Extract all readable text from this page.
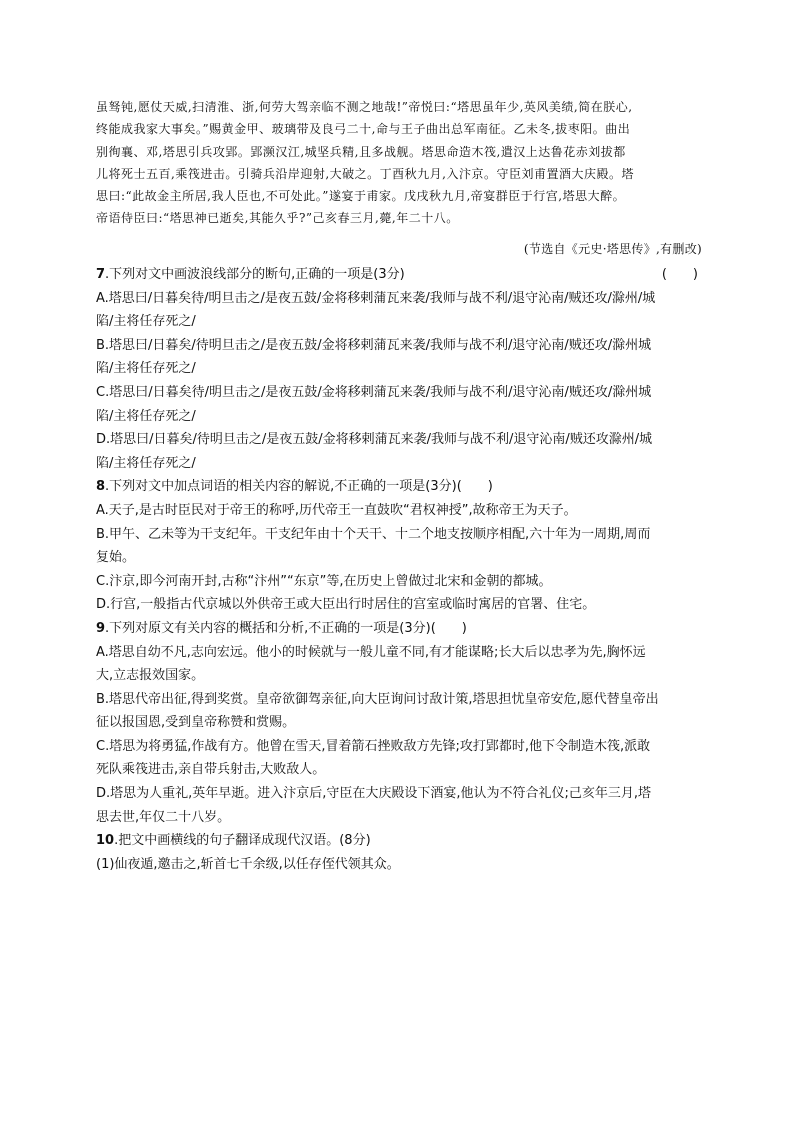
虽驽钝,愿仗天威,扫清淮、浙,何劳大驾亲临不测之地哉!”帝悦曰:“塔思虽年少,英风美绩,简在朕心,
终能成我家大事矣。”赐黄金甲、玻璃带及良弓二十,命与王子曲出总军南征。乙未冬,拔枣阳。曲出
别徇襄、邓,塔思引兵攻郢。郢濒汉江,城坚兵精,且多战舰。塔思命造木筏,遣汉上达鲁花赤刘拔都
儿将死士五百,乘筏进击。引骑兵沿岸迎射,大破之。丁酉秋九月,入汴京。守臣刘甫置酒大庆殿。塔
思曰:“此故金主所居,我人臣也,不可处此。”遂宴于甫家。戊戌秋九月,帝宴群臣于行宫,塔思大醉。
帝语侍臣曰:“塔思神已逝矣,其能久乎?”己亥春三月,薨,年二十八。
(节选自《元史·塔思传》,有删改)
7.下列对文中画波浪线部分的断句,正确的一项是(3分)	(　　)
A.塔思曰/日暮矣待/明旦击之/是夜五鼓/金将移剌蒲瓦来袭/我师与战不利/退守沁南/贼还攻/滁州/城
陷/主将任存死之/
B.塔思曰/日暮矣/待明旦击之/是夜五鼓/金将移剌蒲瓦来袭/我师与战不利/退守沁南/贼还攻/滁州城
陷/主将任存死之/
C.塔思曰/日暮矣待/明旦击之/是夜五鼓/金将移剌蒲瓦来袭/我师与战不利/退守沁南/贼还攻/滁州城
陷/主将任存死之/
D.塔思曰/日暮矣/待明旦击之/是夜五鼓/金将移剌蒲瓦来袭/我师与战不利/退守沁南/贼还攻滁州/城
陷/主将任存死之/
8.下列对文中加点词语的相关内容的解说,不正确的一项是(3分)(　　)
A.天子,是古时臣民对于帝王的称呼,历代帝王一直鼓吹“君权神授”,故称帝王为天子。
B.甲午、乙未等为干支纪年。干支纪年由十个天干、十二个地支按顺序相配,六十年为一周期,周而
复始。
C.汴京,即今河南开封,古称“汴州”“东京”等,在历史上曾做过北宋和金朝的都城。
D.行宫,一般指古代京城以外供帝王或大臣出行时居住的宫室或临时寓居的官署、住宅。
9.下列对原文有关内容的概括和分析,不正确的一项是(3分)(　　)
A.塔思自幼不凡,志向宏远。他小的时候就与一般儿童不同,有才能谋略;长大后以忠孝为先,胸怀远
大,立志报效国家。
B.塔思代帝出征,得到奖赏。皇帝欲御驾亲征,向大臣询问讨敌计策,塔思担忧皇帝安危,愿代替皇帝出
征以报国恩,受到皇帝称赞和赏赐。
C.塔思为将勇猛,作战有方。他曾在雪天,冒着箭石挫败敌方先锋;攻打郢都时,他下令制造木筏,派敢
死队乘筏进击,亲自带兵射击,大败敌人。
D.塔思为人重礼,英年早逝。进入汴京后,守臣在大庆殿设下酒宴,他认为不符合礼仪;己亥年三月,塔
思去世,年仅二十八岁。
10.把文中画横线的句子翻译成现代汉语。(8分)
(1)仙夜遁,邀击之,斩首七千余级,以任存侄代领其众。
